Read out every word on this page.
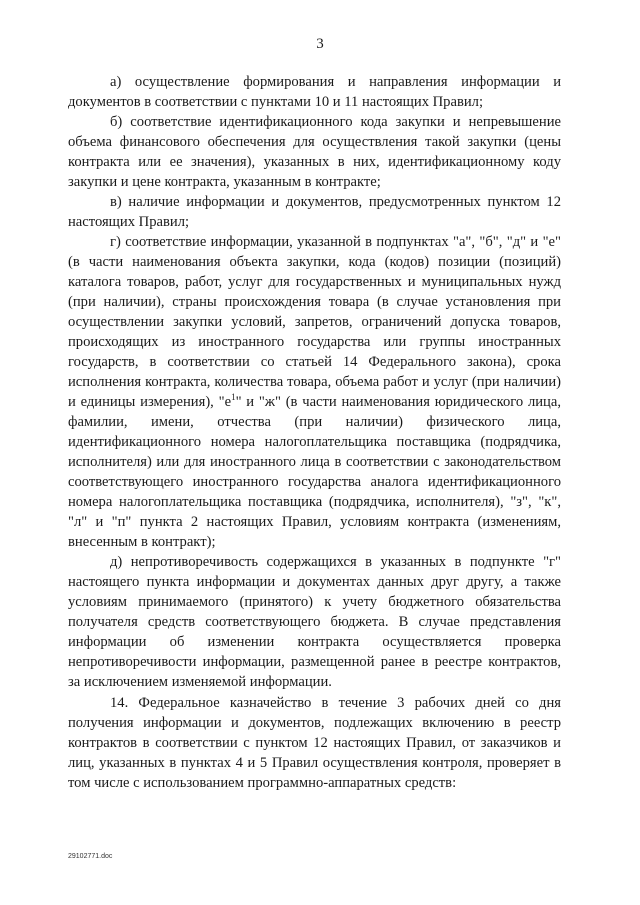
3

а) осуществление формирования и направления информации и документов в соответствии с пунктами 10 и 11 настоящих Правил;

б) соответствие идентификационного кода закупки и непревышение объема финансового обеспечения для осуществления такой закупки (цены контракта или ее значения), указанных в них, идентификационному коду закупки и цене контракта, указанным в контракте;

в) наличие информации и документов, предусмотренных пунктом 12 настоящих Правил;

г) соответствие информации, указанной в подпунктах "а", "б", "д" и "е" (в части наименования объекта закупки, кода (кодов) позиции (позиций) каталога товаров, работ, услуг для государственных и муниципальных нужд (при наличии), страны происхождения товара (в случае установления при осуществлении закупки условий, запретов, ограничений допуска товаров, происходящих из иностранного государства или группы иностранных государств, в соответствии со статьей 14 Федерального закона), срока исполнения контракта, количества товара, объема работ и услуг (при наличии) и единицы измерения), "$е^1$" и "ж" (в части наименования юридического лица, фамилии, имени, отчества (при наличии) физического лица, идентификационного номера налогоплательщика поставщика (подрядчика, исполнителя) или для иностранного лица в соответствии с законодательством соответствующего иностранного государства аналога идентификационного номера налогоплательщика поставщика (подрядчика, исполнителя), "з", "к", "л" и "п" пункта 2 настоящих Правил, условиям контракта (изменениям, внесенным в контракт);

д) непротиворечивость содержащихся в указанных в подпункте "г" настоящего пункта информации и документах данных друг другу, а также условиям принимаемого (принятого) к учету бюджетного обязательства получателя средств соответствующего бюджета. В случае представления информации об изменении контракта осуществляется проверка непротиворечивости информации, размещенной ранее в реестре контрактов, за исключением изменяемой информации.

14. Федеральное казначейство в течение 3 рабочих дней со дня получения информации и документов, подлежащих включению в реестр контрактов в соответствии с пунктом 12 настоящих Правил, от заказчиков и лиц, указанных в пунктах 4 и 5 Правил осуществления контроля, проверяет в том числе с использованием программно-аппаратных средств:

29102771.doc
